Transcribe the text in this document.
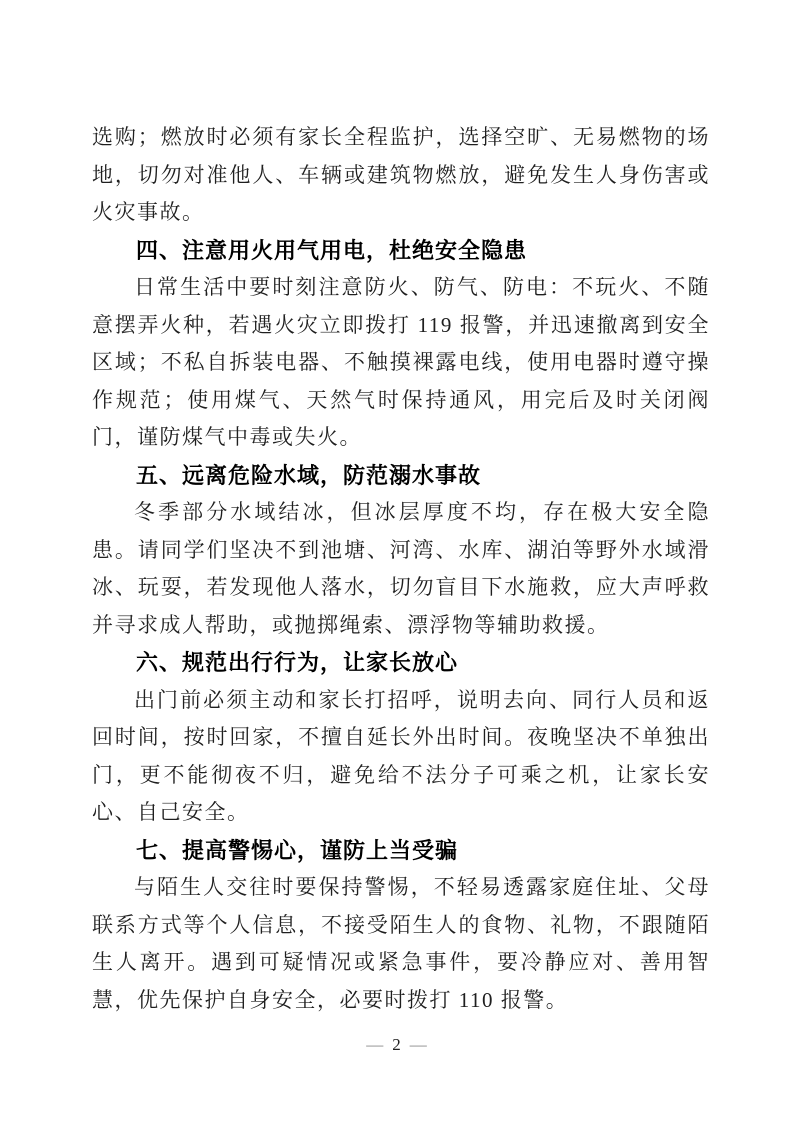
选购；燃放时必须有家长全程监护，选择空旷、无易燃物的场地，切勿对准他人、车辆或建筑物燃放，避免发生人身伤害或火灾事故。

四、注意用火用气用电，杜绝安全隐患

日常生活中要时刻注意防火、防气、防电：不玩火、不随意摆弄火种，若遇火灾立即拨打 119 报警，并迅速撤离到安全区域；不私自拆装电器、不触摸裸露电线，使用电器时遵守操作规范；使用煤气、天然气时保持通风，用完后及时关闭阀门，谨防煤气中毒或失火。

五、远离危险水域，防范溺水事故

冬季部分水域结冰，但冰层厚度不均，存在极大安全隐患。请同学们坚决不到池塘、河湾、水库、湖泊等野外水域滑冰、玩耍，若发现他人落水，切勿盲目下水施救，应大声呼救并寻求成人帮助，或抛掷绳索、漂浮物等辅助救援。

六、规范出行行为，让家长放心

出门前必须主动和家长打招呼，说明去向、同行人员和返回时间，按时回家，不擅自延长外出时间。夜晚坚决不单独出门，更不能彻夜不归，避免给不法分子可乘之机，让家长安心、自己安全。

七、提高警惕心，谨防上当受骗

与陌生人交往时要保持警惕，不轻易透露家庭住址、父母联系方式等个人信息，不接受陌生人的食物、礼物，不跟随陌生人离开。遇到可疑情况或紧急事件，要冷静应对、善用智慧，优先保护自身安全，必要时拨打 110 报警。

— 2 —
